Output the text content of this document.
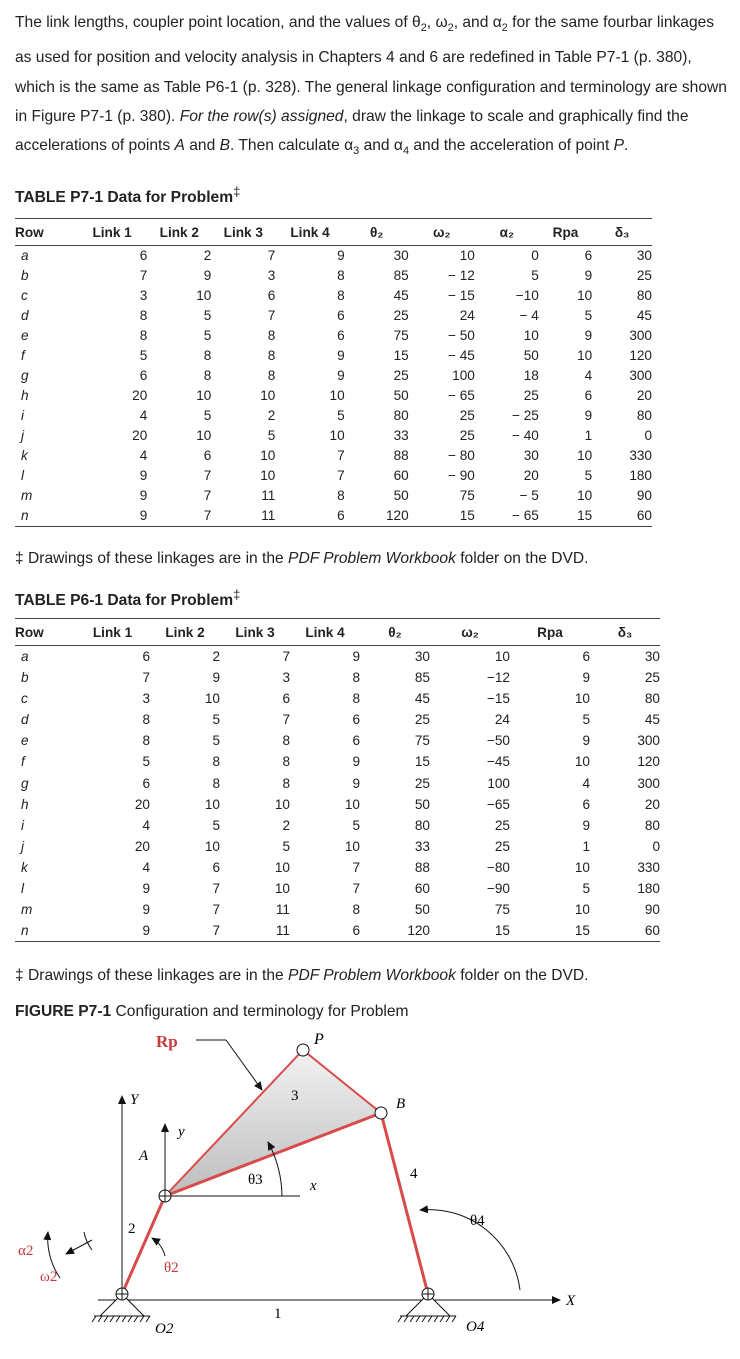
The link lengths, coupler point location, and the values of $\theta_2$, $\omega_2$, and $\alpha_2$ for the same fourbar linkages as used for position and velocity analysis in Chapters 4 and 6 are redefined in Table P7-1 (p. 380), which is the same as Table P6-1 (p. 328). The general linkage configuration and terminology are shown in Figure P7-1 (p. 380). For the row(s) assigned, draw the linkage to scale and graphically find the accelerations of points A and B. Then calculate $\alpha_3$ and $\alpha_4$ and the acceleration of point P.

TABLE P7-1 Data for Problem‡
Row	Link 1	Link 2	Link 3	Link 4	θ₂	ω₂	α₂	Rpa	δ₃
a	6	2	7	9	30	10	0	6	30
b	7	9	3	8	85	− 12	5	9	25
c	3	10	6	8	45	− 15	−10	10	80
d	8	5	7	6	25	24	− 4	5	45
e	8	5	8	6	75	− 50	10	9	300
f	5	8	8	9	15	− 45	50	10	120
g	6	8	8	9	25	100	18	4	300
h	20	10	10	10	50	− 65	25	6	20
i	4	5	2	5	80	25	− 25	9	80
j	20	10	5	10	33	25	− 40	1	0
k	4	6	10	7	88	− 80	30	10	330
l	9	7	10	7	60	− 90	20	5	180
m	9	7	11	8	50	75	− 5	10	90
n	9	7	11	6	120	15	− 65	15	60
‡ Drawings of these linkages are in the PDF Problem Workbook folder on the DVD.
TABLE P6-1 Data for Problem‡
Row	Link 1	Link 2	Link 3	Link 4	θ₂	ω₂	Rpa	δ₃
a	6	2	7	9	30	10	6	30
b	7	9	3	8	85	−12	9	25
c	3	10	6	8	45	−15	10	80
d	8	5	7	6	25	24	5	45
e	8	5	8	6	75	−50	9	300
f	5	8	8	9	15	−45	10	120
g	6	8	8	9	25	100	4	300
h	20	10	10	10	50	−65	6	20
i	4	5	2	5	80	25	9	80
j	20	10	5	10	33	25	1	0
k	4	6	10	7	88	−80	10	330
l	9	7	10	7	60	−90	5	180
m	9	7	11	8	50	75	10	90
n	9	7	11	6	120	15	15	60
‡ Drawings of these linkages are in the PDF Problem Workbook folder on the DVD.
FIGURE P7-1 Configuration and terminology for Problem
Rp	P
3	B
Y
y
A
θ3	x
4
θ4
2
α2
θ2
ω2
1
X
O2	O4
